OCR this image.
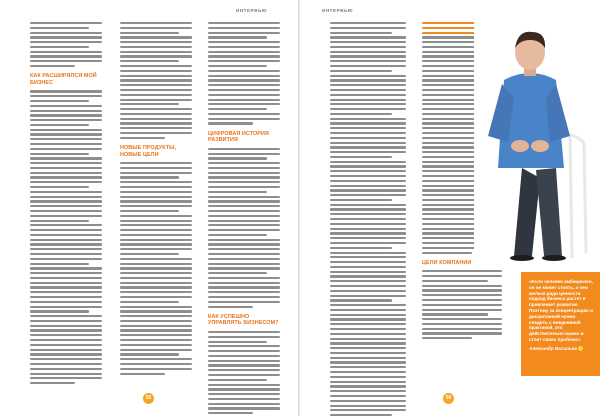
ИНТЕРВЬЮ
КАК РАСШИРЯЛСЯ МОЙ БИЗНЕС
НОВЫЕ ПРОДУКТЫ, НОВЫЕ ЦЕЛИ
ЦИФРОВАЯ ИСТОРИЯ РАЗВИТИЯ
КАК УСПЕШНО УПРАВЛЯТЬ БИЗНЕСОМ?
55
ИНТЕРВЬЮ
ЦЕЛИ КОМПАНИИ
«Если человек амбициозен, он не может стоять, а чем мельче ради ценности подход бизнеса растет и привлекает развитие. Поэтому за концентрацию и дисциплиной нужно следить с ежедневной практикой, это действительно важно и стоит своих проблем».
Александр Васильев
56
